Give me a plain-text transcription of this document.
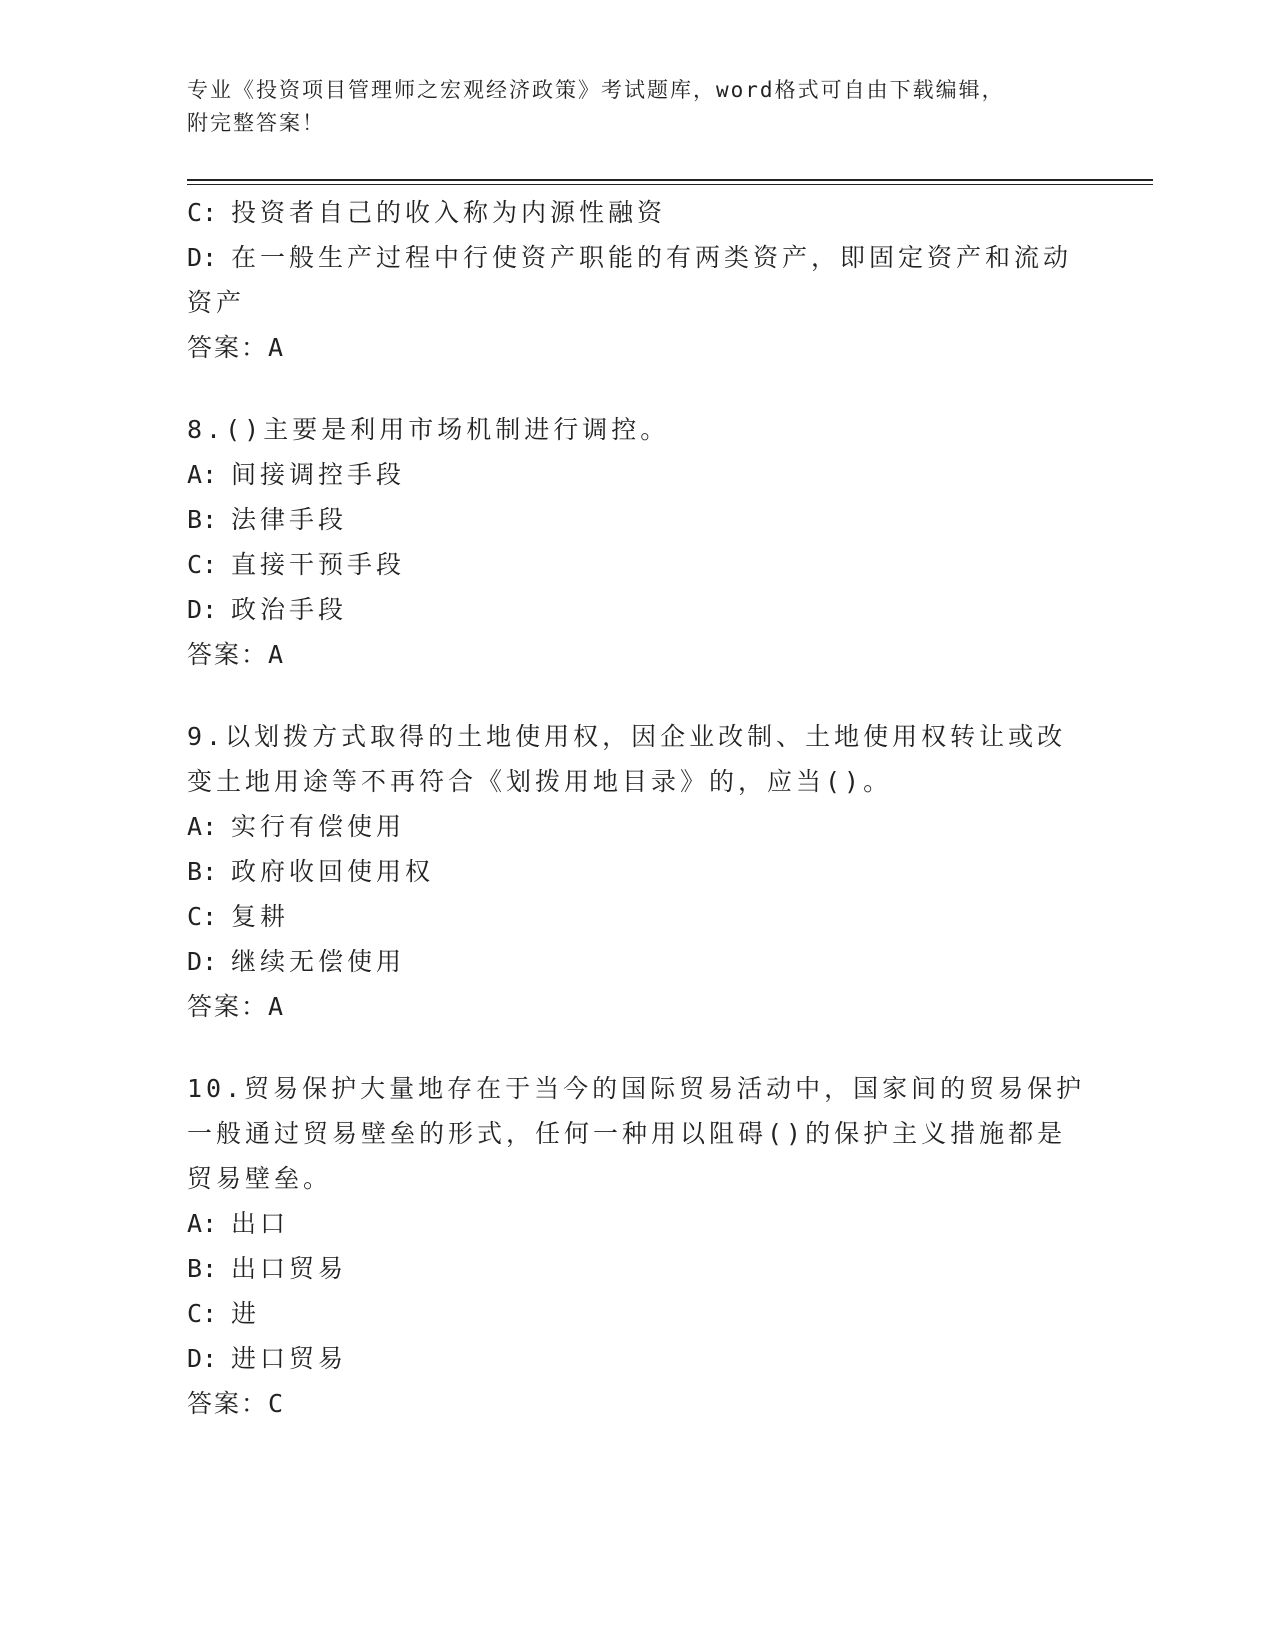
专业《投资项目管理师之宏观经济政策》考试题库，word格式可自由下载编辑，
附完整答案！
C: 投资者自己的收入称为内源性融资
D: 在一般生产过程中行使资产职能的有两类资产，即固定资产和流动
资产
答案：A
8.()主要是利用市场机制进行调控。
A: 间接调控手段
B: 法律手段
C: 直接干预手段
D: 政治手段
答案：A
9.以划拨方式取得的土地使用权，因企业改制、土地使用权转让或改
变土地用途等不再符合《划拨用地目录》的，应当()。
A: 实行有偿使用
B: 政府收回使用权
C: 复耕
D: 继续无偿使用
答案：A
10.贸易保护大量地存在于当今的国际贸易活动中，国家间的贸易保护
一般通过贸易壁垒的形式，任何一种用以阻碍()的保护主义措施都是
贸易壁垒。
A: 出口
B: 出口贸易
C: 进
D: 进口贸易
答案：C
